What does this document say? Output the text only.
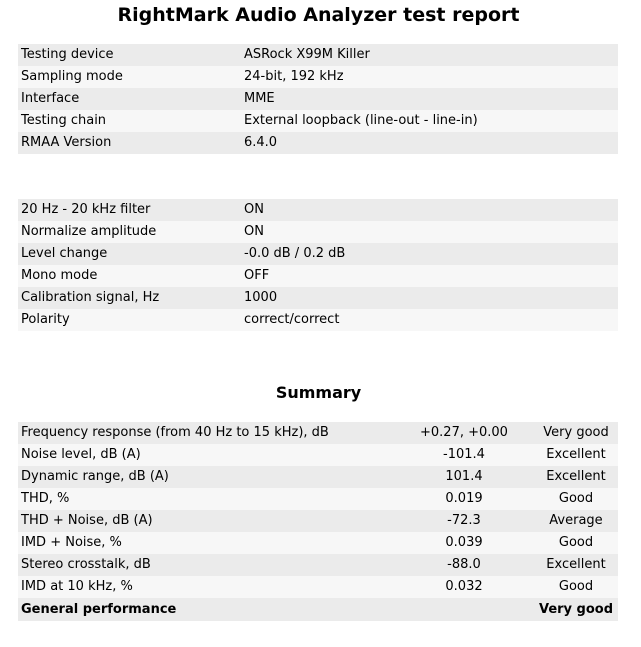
RightMark Audio Analyzer test report
Testing device	ASRock X99M Killer
Sampling mode	24-bit, 192 kHz
Interface	MME
Testing chain	External loopback (line-out - line-in)
RMAA Version	6.4.0
20 Hz - 20 kHz filter	ON
Normalize amplitude	ON
Level change	-0.0 dB / 0.2 dB
Mono mode	OFF
Calibration signal, Hz	1000
Polarity	correct/correct
Summary
Frequency response (from 40 Hz to 15 kHz), dB	+0.27, +0.00	Very good
Noise level, dB (A)	-101.4	Excellent
Dynamic range, dB (A)	101.4	Excellent
THD, %	0.019	Good
THD + Noise, dB (A)	-72.3	Average
IMD + Noise, %	0.039	Good
Stereo crosstalk, dB	-88.0	Excellent
IMD at 10 kHz, %	0.032	Good
General performance		Very good
